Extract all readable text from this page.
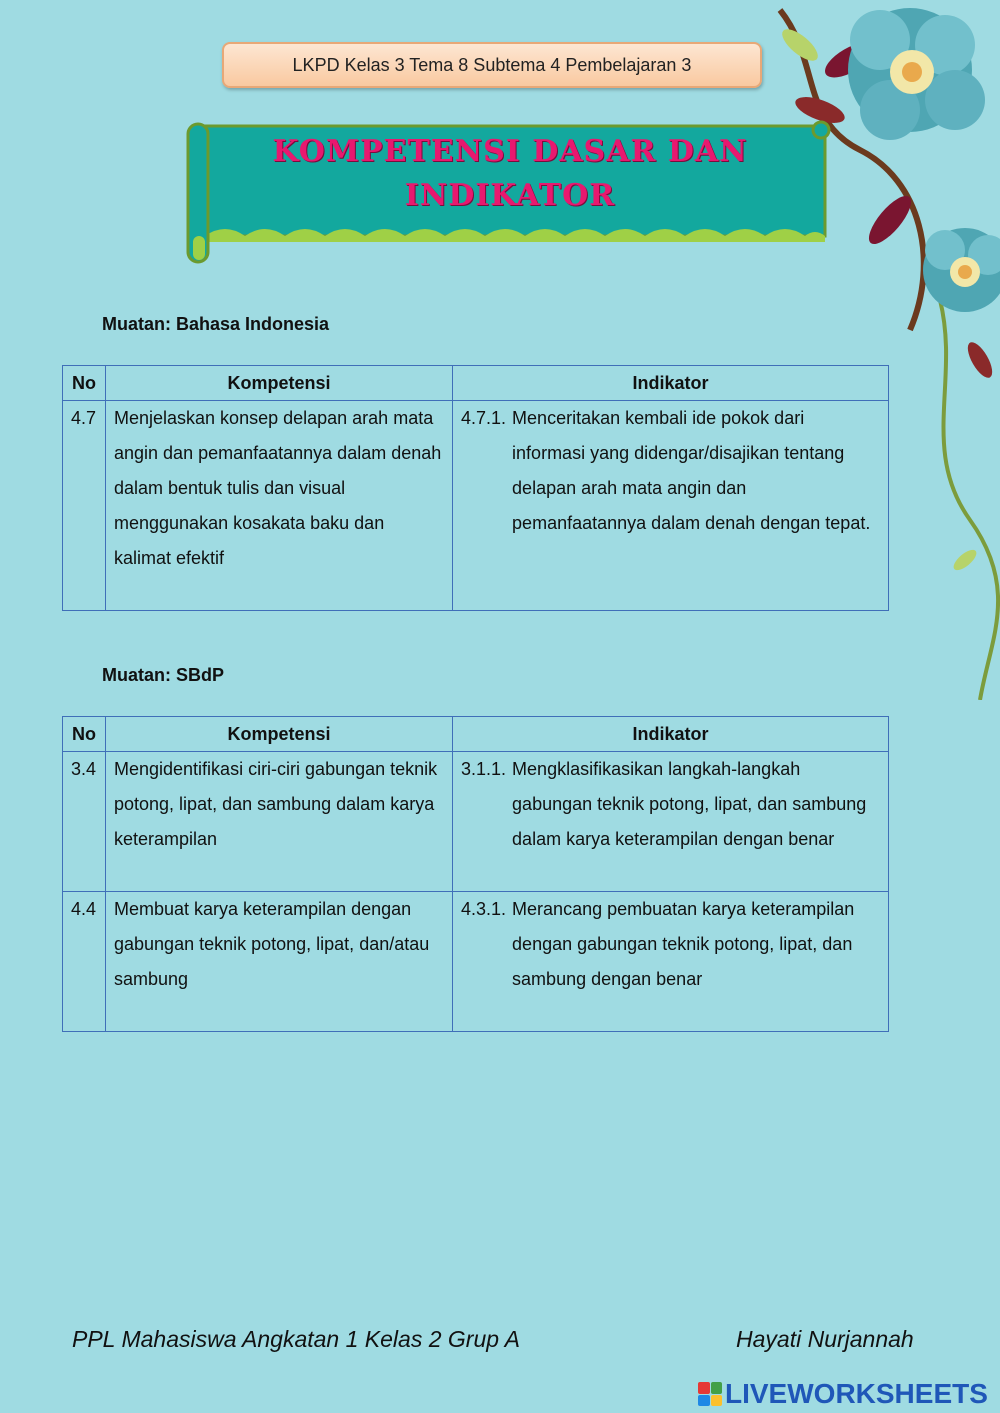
LKPD Kelas 3 Tema 8 Subtema 4 Pembelajaran 3
KOMPETENSI DASAR DAN
INDIKATOR
Muatan: Bahasa Indonesia
No	Kompetensi	Indikator
4.7	Menjelaskan konsep delapan arah mata angin dan pemanfaatannya dalam denah dalam bentuk tulis dan visual menggunakan kosakata baku dan kalimat efektif	4.7.1. Menceritakan kembali ide pokok dari informasi yang didengar/disajikan tentang delapan arah mata angin dan pemanfaatannya dalam denah dengan tepat.
Muatan: SBdP
No	Kompetensi	Indikator
3.4	Mengidentifikasi ciri-ciri gabungan teknik potong, lipat, dan sambung dalam karya keterampilan	3.1.1. Mengklasifikasikan langkah-langkah gabungan teknik potong, lipat, dan sambung dalam karya keterampilan dengan benar

4.4	Membuat karya keterampilan dengan gabungan teknik potong, lipat, dan/atau sambung	4.3.1. Merancang pembuatan karya keterampilan dengan gabungan teknik potong, lipat, dan sambung dengan benar
PPL Mahasiswa Angkatan 1 Kelas 2 Grup A	Hayati Nurjannah
LIVEWORKSHEETS
